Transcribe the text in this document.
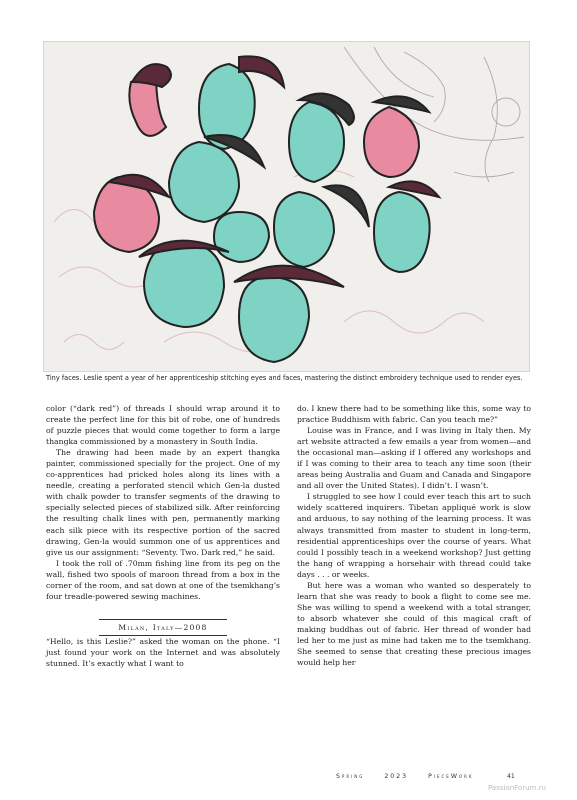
Tiny faces. Leslie spent a year of her apprenticeship stitching eyes and faces, mastering the distinct embroidery technique used to render eyes.

color (“dark red”) of threads I should wrap around it to create the perfect line for this bit of robe, one of hundreds of puzzle pieces that would come together to form a large thangka commissioned by a monastery in South India.

The drawing had been made by an expert thangka painter, commissioned specially for the project. One of my co-apprentices had pricked holes along its lines with a needle, creating a perforated stencil which Gen-la dusted with chalk powder to transfer segments of the drawing to specially selected pieces of stabilized silk. After reinforcing the resulting chalk lines with pen, permanently marking each silk piece with its respective portion of the sacred drawing, Gen-la would summon one of us apprentices and give us our assignment: “Seventy. Two. Dark red,” he said.

I took the roll of .70mm fishing line from its peg on the wall, fished two spools of maroon thread from a box in the corner of the room, and sat down at one of the tsemkhang’s four treadle-powered sewing machines.

Milan, Italy—2008

“Hello, is this Leslie?” asked the woman on the phone. “I just found your work on the Internet and was absolutely stunned. It’s exactly what I want to

do. I knew there had to be something like this, some way to practice Buddhism with fabric. Can you teach me?”

Louise was in France, and I was living in Italy then. My art website attracted a few emails a year from women—and the occasional man—asking if I offered any workshops and if I was coming to their area to teach any time soon (their areas being Australia and Guam and Canada and Singapore and all over the United States). I didn’t. I wasn’t.

I struggled to see how I could ever teach this art to such widely scattered inquirers. Tibetan appliqué work is slow and arduous, to say nothing of the learning process. It was always transmitted from master to student in long-term, residential apprenticeships over the course of years. What could I possibly teach in a weekend workshop? Just getting the hang of wrapping a horsehair with thread could take days . . . or weeks.

But here was a woman who wanted so desperately to learn that she was ready to book a flight to come see me. She was willing to spend a weekend with a total stranger, to absorb whatever she could of this magical craft of making buddhas out of fabric. Her thread of wonder had led her to me just as mine had taken me to the tsemkhang. She seemed to sense that creating these precious images would help her

Spring	2023	PieceWork	41
PassionForum.ru
